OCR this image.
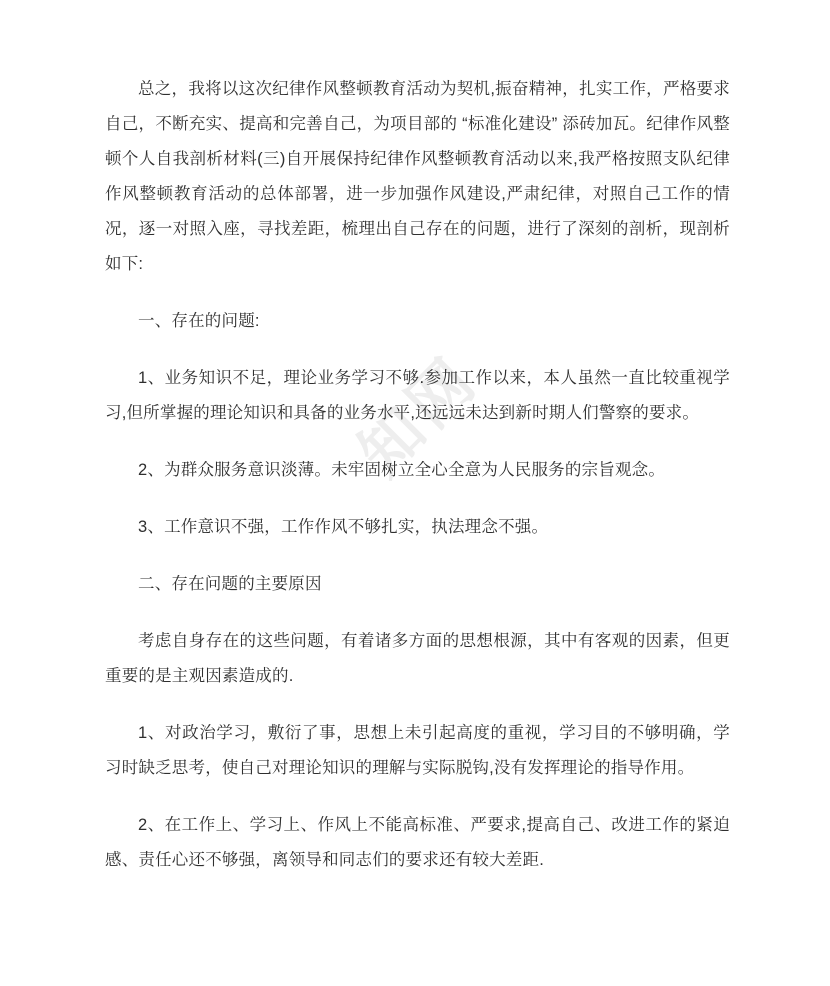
知
网

总之，我将以这次纪律作风整顿教育活动为契机,振奋精神，扎实工作，严格要求自己，不断充实、提高和完善自己，为项目部的 “标准化建设” 添砖加瓦。纪律作风整顿个人自我剖析材料(三)自开展保持纪律作风整顿教育活动以来,我严格按照支队纪律作风整顿教育活动的总体部署，进一步加强作风建设,严肃纪律，对照自己工作的情况，逐一对照入座，寻找差距，梳理出自己存在的问题，进行了深刻的剖析，现剖析如下:

一、存在的问题:

1、业务知识不足，理论业务学习不够.参加工作以来，本人虽然一直比较重视学习,但所掌握的理论知识和具备的业务水平,还远远未达到新时期人们警察的要求。

2、为群众服务意识淡薄。未牢固树立全心全意为人民服务的宗旨观念。

3、工作意识不强，工作作风不够扎实，执法理念不强。

二、存在问题的主要原因

考虑自身存在的这些问题，有着诸多方面的思想根源，其中有客观的因素，但更重要的是主观因素造成的.

1、对政治学习，敷衍了事，思想上未引起高度的重视，学习目的不够明确，学习时缺乏思考，使自己对理论知识的理解与实际脱钩,没有发挥理论的指导作用。

2、在工作上、学习上、作风上不能高标准、严要求,提高自己、改进工作的紧迫感、责任心还不够强，离领导和同志们的要求还有较大差距.
